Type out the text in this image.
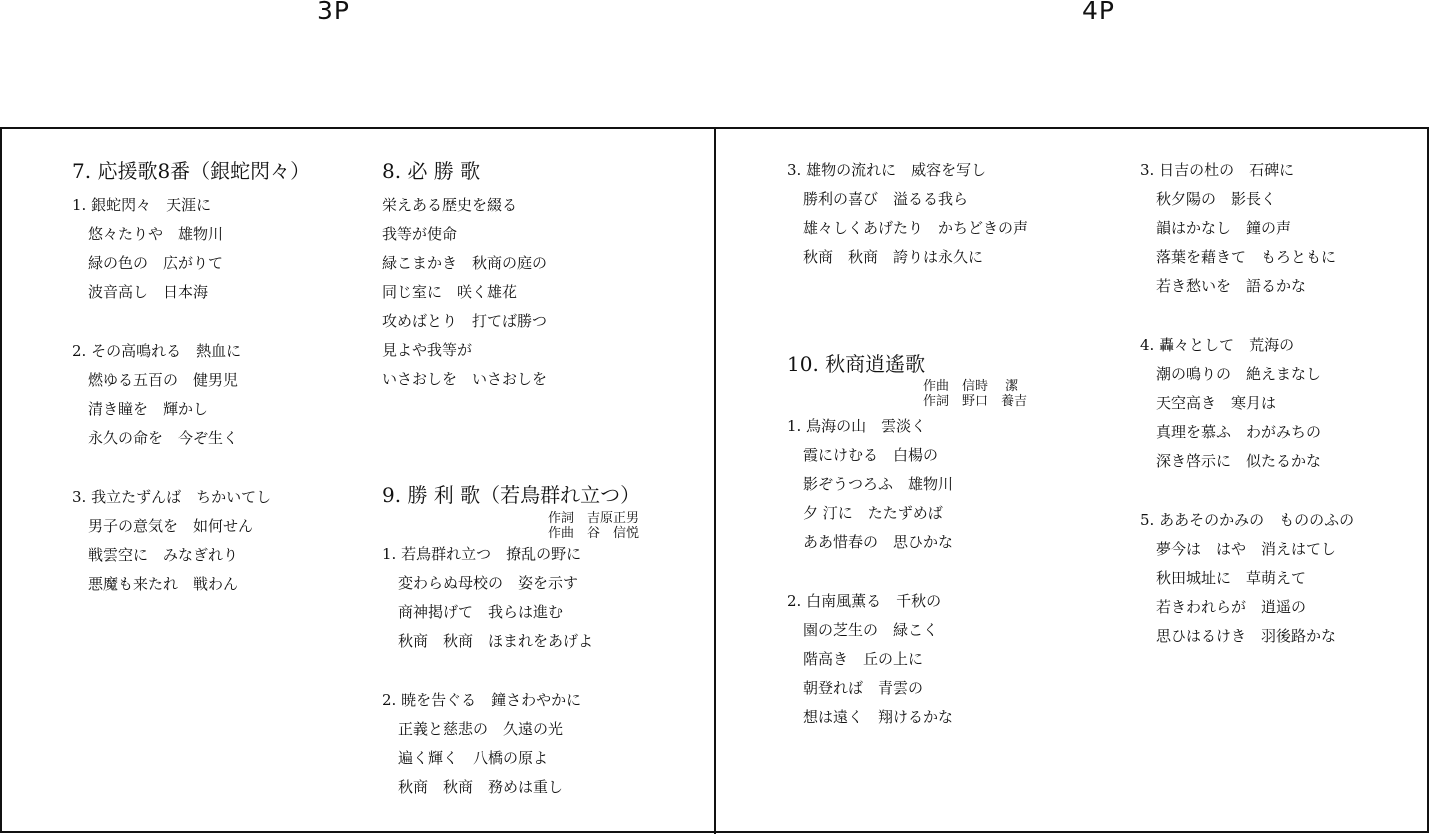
3P	4P
7. 応援歌8番（銀蛇閃々）
1. 銀蛇閃々　天涯に
悠々たりや　雄物川
緑の色の　広がりて
波音高し　日本海
2. その高鳴れる　熱血に
燃ゆる五百の　健男児
清き瞳を　輝かし
永久の命を　今ぞ生く
3. 我立たずんば　ちかいてし
男子の意気を　如何せん
戦雲空に　みなぎれり
悪魔も来たれ　戦わん
8. 必 勝 歌
栄えある歴史を綴る
我等が使命
緑こまかき　秋商の庭の
同じ室に　咲く雄花
攻めばとり　打てば勝つ
見よや我等が
いさおしを　いさおしを
9. 勝 利 歌（若鳥群れ立つ）
作詞　吉原正男
作曲　谷　信悦
1. 若鳥群れ立つ　撩乱の野に
変わらぬ母校の　姿を示す
商神掲げて　我らは進む
秋商　秋商　ほまれをあげよ
2. 暁を告ぐる　鐘さわやかに
正義と慈悲の　久遠の光
遍く輝く　八橋の原よ
秋商　秋商　務めは重し
3. 雄物の流れに　威容を写し
勝利の喜び　溢るる我ら
雄々しくあげたり　かちどきの声
秋商　秋商　誇りは永久に
10. 秋商逍遙歌
作曲　信時　 潔
作詞　野口　養吉
1. 鳥海の山　雲淡く
霞にけむる　白楊の
影ぞうつろふ　雄物川
夕 汀に　たたずめば
ああ惜春の　思ひかな
2. 白南風薫る　千秋の
園の芝生の　緑こく
階高き　丘の上に
朝登れば　青雲の
想は遠く　翔けるかな
3. 日吉の杜の　石碑に
秋夕陽の　影長く
韻はかなし　鐘の声
落葉を藉きて　もろともに
若き愁いを　語るかな
4. 轟々として　荒海の
潮の鳴りの　絶えまなし
天空高き　寒月は
真理を慕ふ　わがみちの
深き啓示に　似たるかな
5. ああそのかみの　もののふの
夢今は　はや　消えはてし
秋田城址に　草萌えて
若きわれらが　逍遥の
思ひはるけき　羽後路かな
